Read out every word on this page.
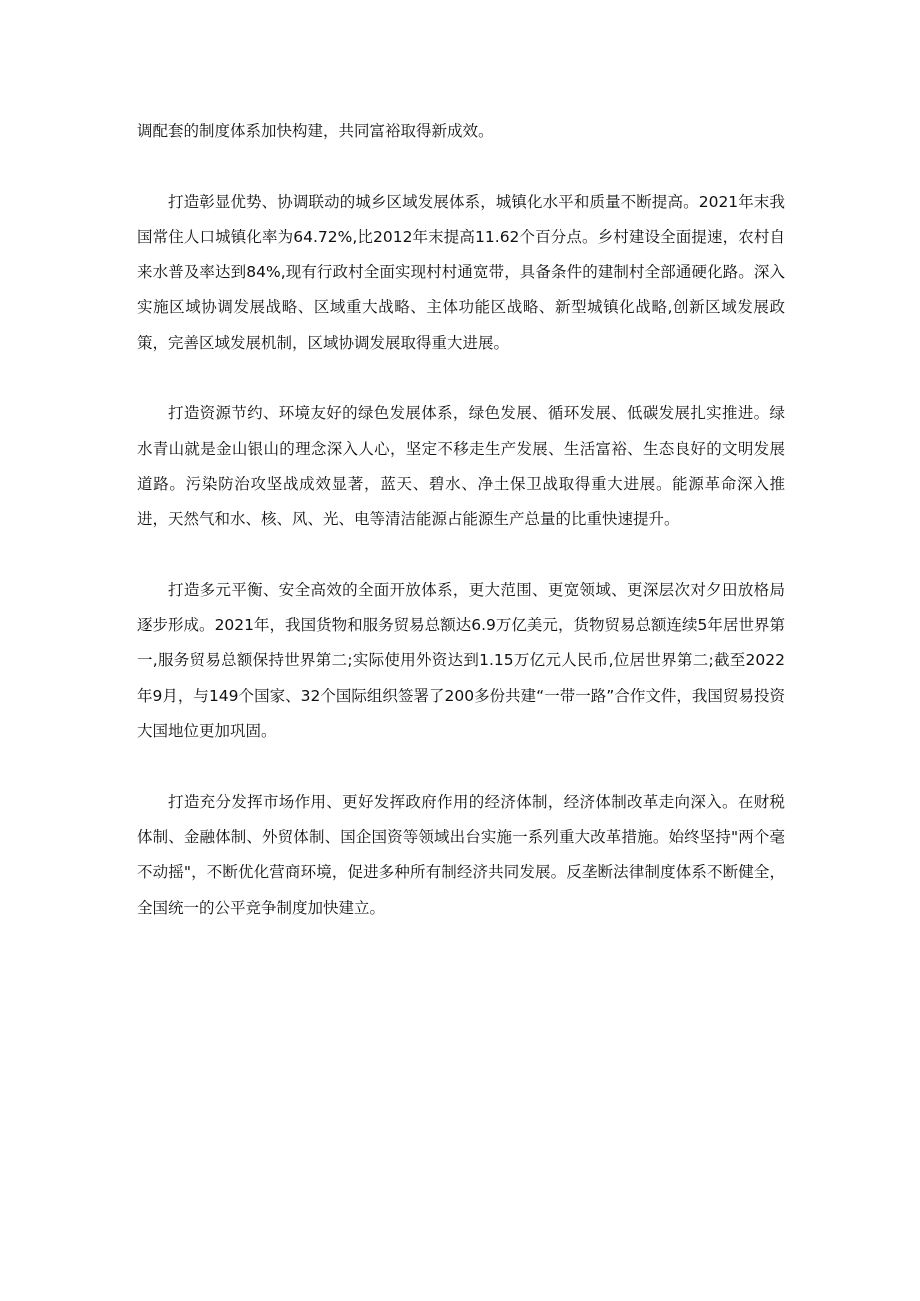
调配套的制度体系加快构建，共同富裕取得新成效。

打造彰显优势、协调联动的城乡区域发展体系，城镇化水平和质量不断提高。2021年末我国常住人口城镇化率为64.72%,比2012年末提高11.62个百分点。乡村建设全面提速，农村自来水普及率达到84%,现有行政村全面实现村村通宽带，具备条件的建制村全部通硬化路。深入实施区域协调发展战略、区域重大战略、主体功能区战略、新型城镇化战略,创新区域发展政策，完善区域发展机制，区域协调发展取得重大进展。

打造资源节约、环境友好的绿色发展体系，绿色发展、循环发展、低碳发展扎实推进。绿水青山就是金山银山的理念深入人心，坚定不移走生产发展、生活富裕、生态良好的文明发展道路。污染防治攻坚战成效显著，蓝天、碧水、净土保卫战取得重大进展。能源革命深入推进，天然气和水、核、风、光、电等清洁能源占能源生产总量的比重快速提升。

打造多元平衡、安全高效的全面开放体系，更大范围、更宽领域、更深层次对夕田放格局逐步形成。2021年，我国货物和服务贸易总额达6.9万亿美元，货物贸易总额连续5年居世界第一,服务贸易总额保持世界第二;实际使用外资达到1.15万亿元人民币,位居世界第二;截至2022年9月，与149个国家、32个国际组织签署了200多份共建“一带一路”合作文件，我国贸易投资大国地位更加巩固。

打造充分发挥市场作用、更好发挥政府作用的经济体制，经济体制改革走向深入。在财税体制、金融体制、外贸体制、国企国资等领域出台实施一系列重大改革措施。始终坚持"两个毫不动摇"，不断优化营商环境，促进多种所有制经济共同发展。反垄断法律制度体系不断健全，全国统一的公平竞争制度加快建立。
